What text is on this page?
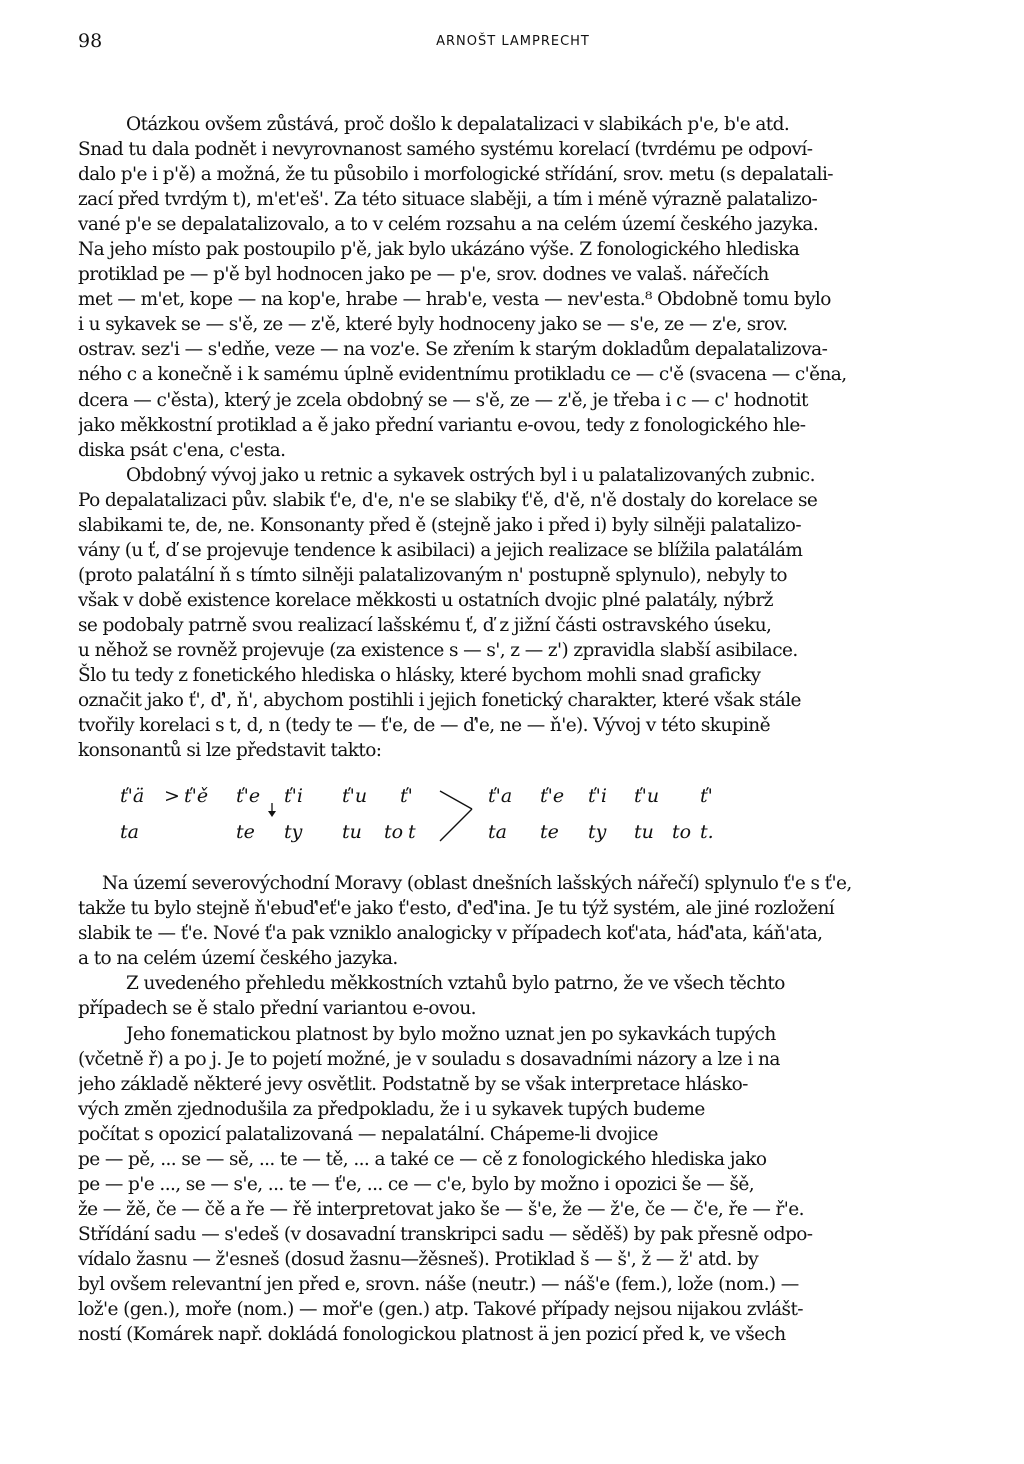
98	ARNOŠT LAMPRECHT
Otázkou ovšem zůstává, proč došlo k depalatalizaci v slabikách p'e, b'e atd.
Snad tu dala podnět i nevyrovnanost samého systému korelací (tvrdému pe odpoví-
dalo p'e i p'ě) a možná, že tu působilo i morfologické střídání, srov. metu (s depalatali-
zací před tvrdým t), m'et'eš'. Za této situace slaběji, a tím i méně výrazně palatalizo-
vané p'e se depalatalizovalo, a to v celém rozsahu a na celém území českého jazyka.
Na jeho místo pak postoupilo p'ě, jak bylo ukázáno výše. Z fonologického hlediska
protiklad pe — p'ě byl hodnocen jako pe — p'e, srov. dodnes ve valaš. nářečích
met — m'et, kope — na kop'e, hrabe — hrab'e, vesta — nev'esta.⁸ Obdobně tomu bylo
i u sykavek se — s'ě, ze — z'ě, které byly hodnoceny jako se — s'e, ze — z'e, srov.
ostrav. sez'i — s'edňe, veze — na voz'e. Se zřením k starým dokladům depalatalizova-
ného c a konečně i k samému úplně evidentnímu protikladu ce — c'ě (svacena — c'ěna,
dcera — c'ěsta), který je zcela obdobný se — s'ě, ze — z'ě, je třeba i c — c' hodnotit
jako měkkostní protiklad a ě jako přední variantu e-ovou, tedy z fonologického hle-
diska psát c'ena, c'esta.
Obdobný vývoj jako u retnic a sykavek ostrých byl i u palatalizovaných zubnic.
Po depalatalizaci pův. slabik ť'e, d'e, n'e se slabiky ť'ě, d'ě, n'ě dostaly do korelace se
slabikami te, de, ne. Konsonanty před ě (stejně jako i před i) byly silněji palatalizo-
vány (u ť, ď se projevuje tendence k asibilaci) a jejich realizace se blížila palatálám
(proto palatální ň s tímto silněji palatalizovaným n' postupně splynulo), nebyly to
však v době existence korelace měkkosti u ostatních dvojic plné palatály, nýbrž
se podobaly patrně svou realizací lašskému ť, ď z jižní části ostravského úseku,
u něhož se rovněž projevuje (za existence s — s', z — z') zpravidla slabší asibilace.
Šlo tu tedy z fonetického hlediska o hlásky, které bychom mohli snad graficky
označit jako ť', ď', ň', abychom postihli i jejich fonetický charakter, které však stále
tvořily korelaci s t, d, n (tedy te — ť'e, de — ď'e, ne — ň'e). Vývoj v této skupině
konsonantů si lze představit takto:
ť'ä > ť'ě ť'e ť'i ť'u ť'
ta	te ty tu to t
ť'a ť'e ť'i ť'u ť'
ta te ty tu to t.
Na území severovýchodní Moravy (oblast dnešních lašských nářečí) splynulo ť'e s ť'e,
takže tu bylo stejně ň'ebuď'eť'e jako ť'esto, ď'eď'ina. Je tu týž systém, ale jiné rozložení
slabik te — ť'e. Nové ť'a pak vzniklo analogicky v případech koť'ata, háď'ata, káň'ata,
a to na celém území českého jazyka.
Z uvedeného přehledu měkkostních vztahů bylo patrno, že ve všech těchto
případech se ě stalo přední variantou e-ovou.
Jeho fonematickou platnost by bylo možno uznat jen po sykavkách tupých
(včetně ř) a po j. Je to pojetí možné, je v souladu s dosavadními názory a lze i na
jeho základě některé jevy osvětlit. Podstatně by se však interpretace hlásko-
vých změn zjednodušila za předpokladu, že i u sykavek tupých budeme
počítat s opozicí palatalizovaná — nepalatální. Chápeme-li dvojice
pe — pě, ... se — sě, ... te — tě, ... a také ce — cě z fonologického hlediska jako
pe — p'e ..., se — s'e, ... te — ť'e, ... ce — c'e, bylo by možno i opozici še — šě,
že — žě, če — čě a ře — řě interpretovat jako še — š'e, že — ž'e, če — č'e, ře — ř'e.
Střídání sadu — s'edeš (v dosavadní transkripci sadu — sěděš) by pak přesně odpo-
vídalo žasnu — ž'esneš (dosud žasnu—žěsneš). Protiklad š — š', ž — ž' atd. by
byl ovšem relevantní jen před e, srovn. náše (neutr.) — náš'e (fem.), lože (nom.) —
lož'e (gen.), moře (nom.) — moř'e (gen.) atp. Takové případy nejsou nijakou zvlášt-
ností (Komárek např. dokládá fonologickou platnost ä jen pozicí před k, ve všech
